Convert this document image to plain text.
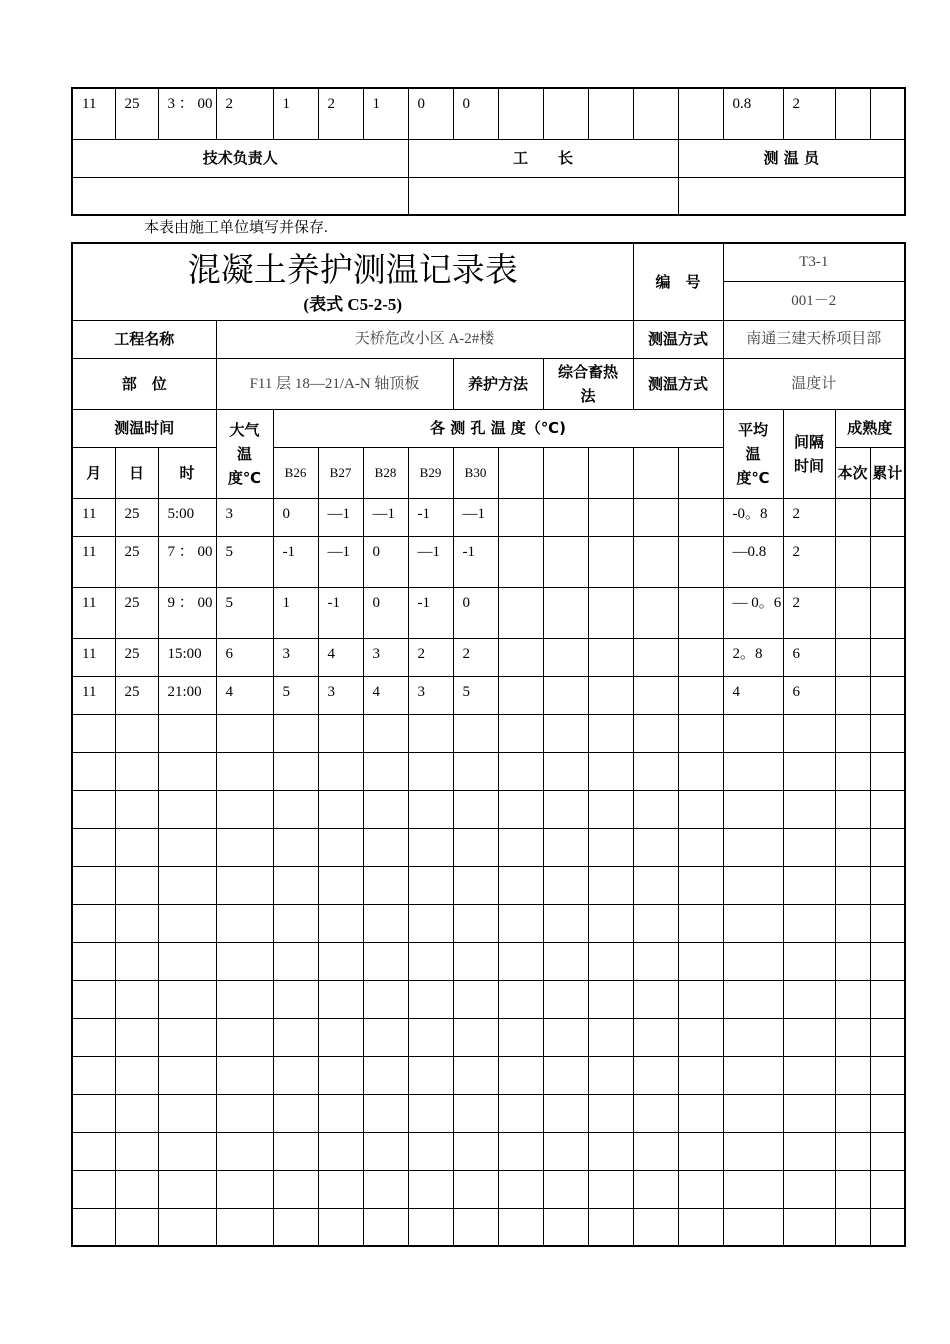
11	25	3 ： 00	2	1	2	1	0	0						0.8	2		
技术负责人							工　　长						测 温 员				

本表由施工单位填写并保存.
混凝土养护测温记录表
(表式 C5-2-5)												编　号		T3-1			
														001－2			
工程名称			天桥危改小区 A-2#楼									测温方式		南通三建天桥项目部			
部　位			F11 层 18—21/A-N 轴顶板					养护方法		综合畜热 法		测温方式		温度计			
测温时间			大气温度℃	各 测 孔 温 度（℃)										平均温度℃	间隔时间	成熟度	
月	日	时		B26	B27	B28	B29	B30								本次	累计
11	25	5:00	3	0	—1	—1	-1	—1						-0。8	2		
11	25	7 ： 00	5	-1	—1	0	—1	-1						—0.8	2		
11	25	9 ： 00	5	1	-1	0	-1	0						— 0。6	2		
11	25	15:00	6	3	4	3	2	2						2。8	6		
11	25	21:00	4	5	3	4	3	5						4	6		
